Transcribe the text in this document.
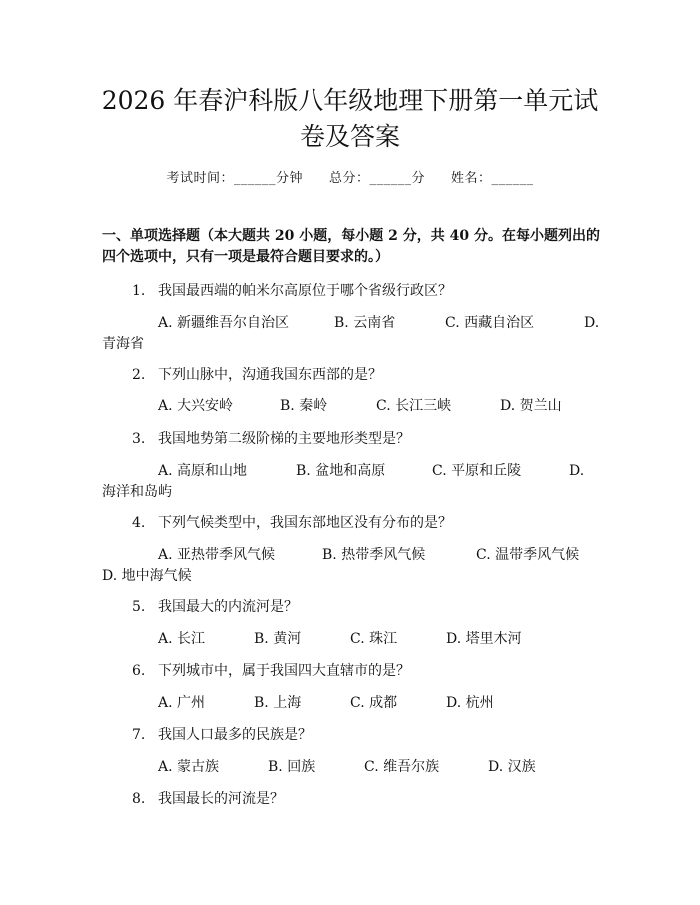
2026 年春沪科版八年级地理下册第一单元试
卷及答案
考试时间：______分钟 总分：______分 姓名：______
一、单项选择题（本大题共 20 小题，每小题 2 分，共 40 分。在每小题列出的四个选项中，只有一项是最符合题目要求的。）
1. 我国最西端的帕米尔高原位于哪个省级行政区？
A. 新疆维吾尔自治区	B. 云南省	C. 西藏自治区	D.
青海省
2. 下列山脉中，沟通我国东西部的是？
A. 大兴安岭	B. 秦岭	C. 长江三峡	D. 贺兰山
3. 我国地势第二级阶梯的主要地形类型是？
A. 高原和山地	B. 盆地和高原	C. 平原和丘陵	D.
海洋和岛屿
4. 下列气候类型中，我国东部地区没有分布的是？
A. 亚热带季风气候	B. 热带季风气候	C. 温带季风气候
D. 地中海气候
5. 我国最大的内流河是？
A. 长江	B. 黄河	C. 珠江	D. 塔里木河
6. 下列城市中，属于我国四大直辖市的是？
A. 广州	B. 上海	C. 成都	D. 杭州
7. 我国人口最多的民族是？
A. 蒙古族	B. 回族	C. 维吾尔族	D. 汉族
8. 我国最长的河流是？
